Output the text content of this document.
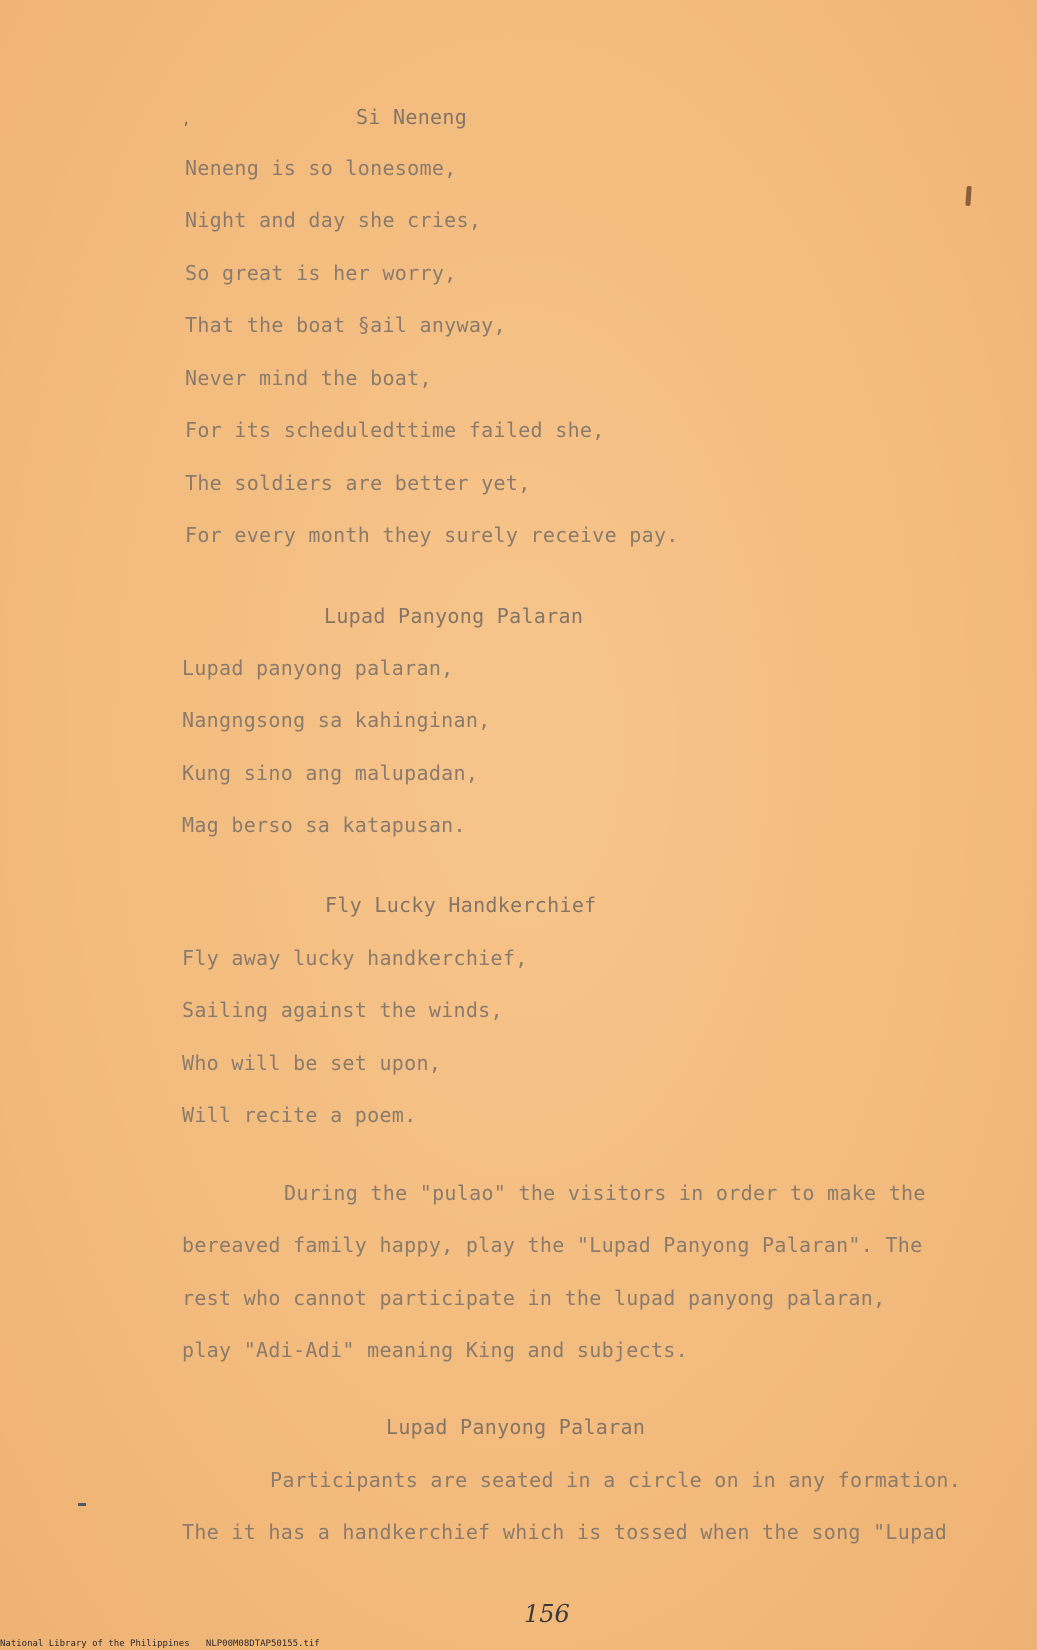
‚	Si Neneng
Neneng is so lonesome,
Night and day she cries,
So great is her worry,
That the boat §ail anyway,
Never mind the boat,
For its scheduledttime failed she,
The soldiers are better yet,
For every month they surely receive pay.
Lupad Panyong Palaran
Lupad panyong palaran,
Nangngsong sa kahinginan,
Kung sino ang malupadan,
Mag berso sa katapusan.
Fly Lucky Handkerchief
Fly away lucky handkerchief,
Sailing against the winds,
Who will be set upon,
Will recite a poem.
During the "pulao" the visitors in order to make the
bereaved family happy, play the "Lupad Panyong Palaran". The
rest who cannot participate in the lupad panyong palaran,
play "Adi-Adi" meaning King and subjects.
Lupad Panyong Palaran
Participants are seated in a circle on in any formation.
The it has a handkerchief which is tossed when the song "Lupad
156
National Library of the Philippines NLP00M08DTAP50155.tif
